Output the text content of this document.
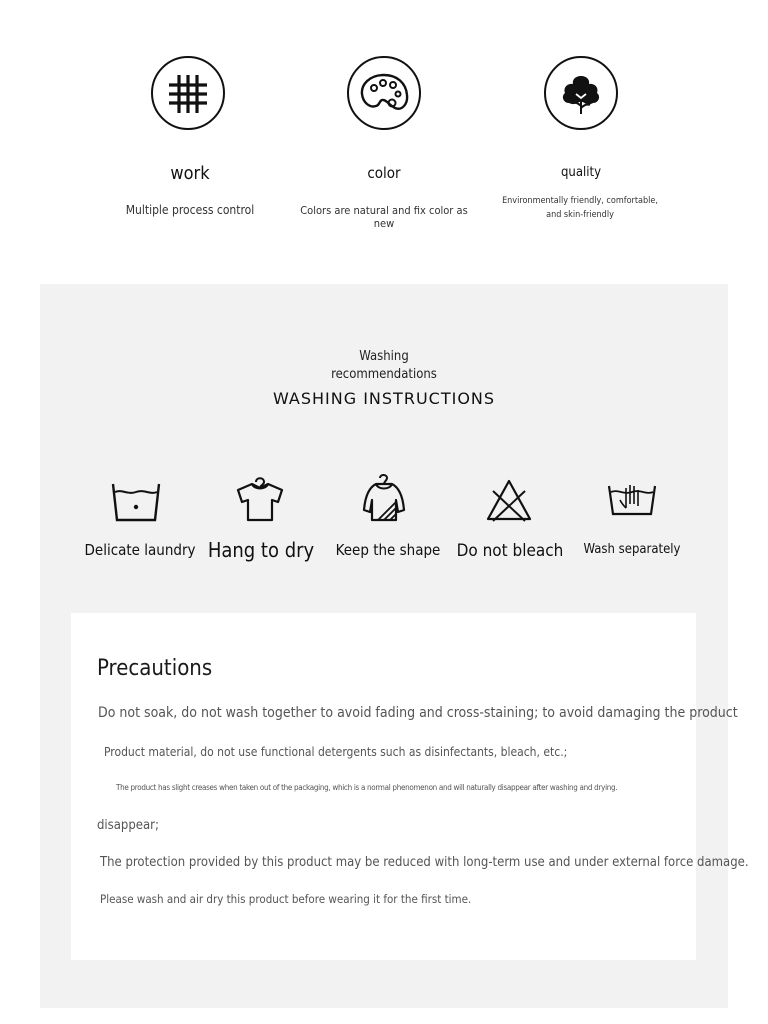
work
Multiple process control
color
Colors are natural and fix color as new
quality
Environmentally friendly, comfortable,
and skin-friendly
Washing
recommendations
WASHING INSTRUCTIONS
Delicate laundry Hang to dry	Keep the shape Do not bleach	Wash separately
Precautions
Do not soak, do not wash together to avoid fading and cross-staining; to avoid damaging the product
Product material, do not use functional detergents such as disinfectants, bleach, etc.;
The product has slight creases when taken out of the packaging, which is a normal phenomenon and will naturally disappear after washing and drying.
disappear;
The protection provided by this product may be reduced with long-term use and under external force damage.
Please wash and air dry this product before wearing it for the first time.
